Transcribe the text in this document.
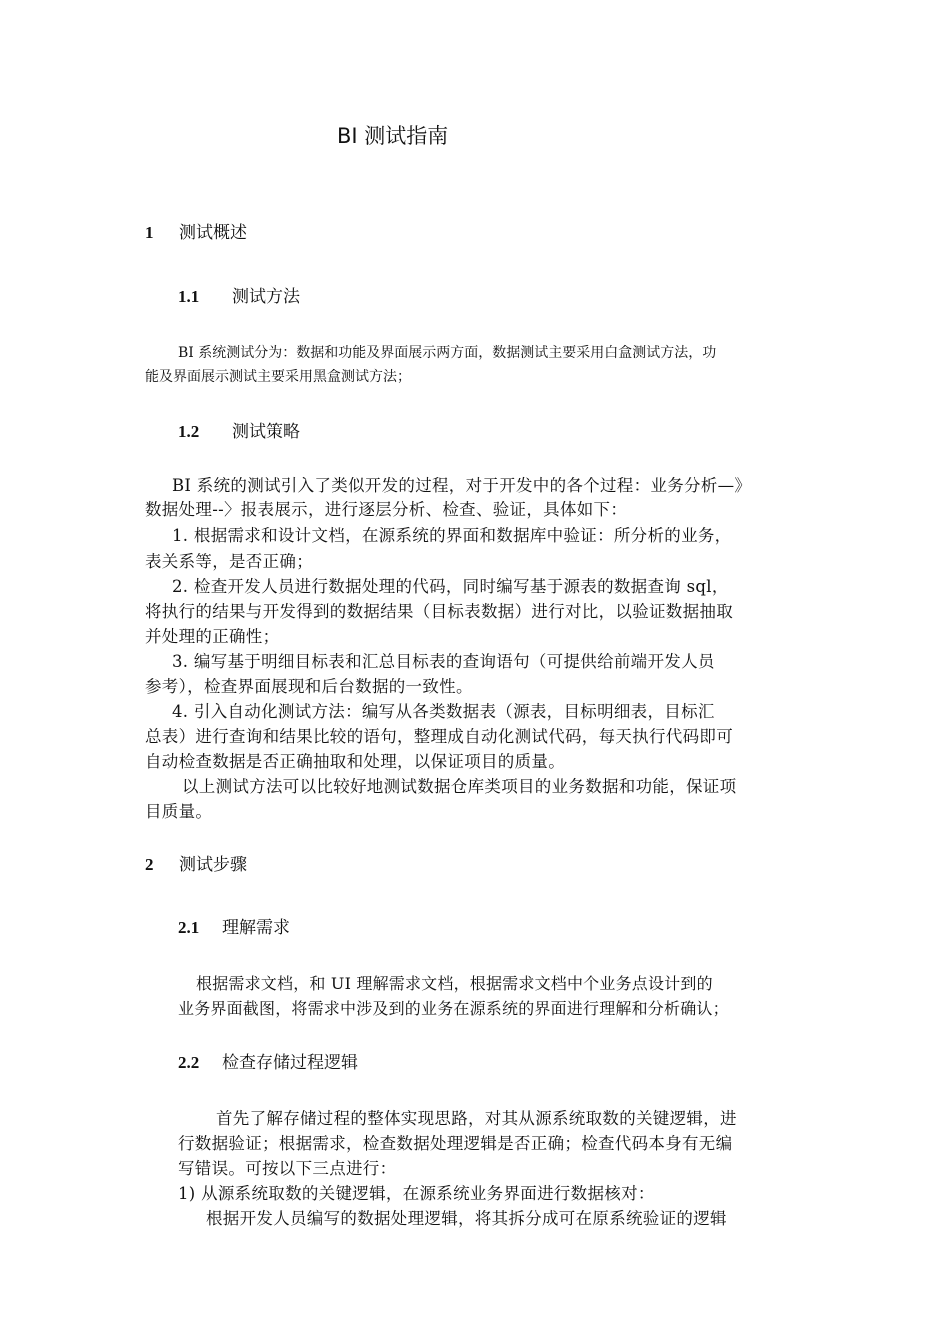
BI 测试指南
1 测试概述
1.1 测试方法
BI 系统测试分为：数据和功能及界面展示两方面，数据测试主要采用白盒测试方法，功
能及界面展示测试主要采用黑盒测试方法；
1.2 测试策略
BI 系统的测试引入了类似开发的过程，对于开发中的各个过程：业务分析—》
数据处理--〉报表展示，进行逐层分析、检查、验证，具体如下：
1. 根据需求和设计文档，在源系统的界面和数据库中验证：所分析的业务，
表关系等，是否正确；
2. 检查开发人员进行数据处理的代码，同时编写基于源表的数据查询 sql，
将执行的结果与开发得到的数据结果（目标表数据）进行对比，以验证数据抽取
并处理的正确性；
3. 编写基于明细目标表和汇总目标表的查询语句（可提供给前端开发人员
参考），检查界面展现和后台数据的一致性。
4. 引入自动化测试方法：编写从各类数据表（源表，目标明细表，目标汇
总表）进行查询和结果比较的语句，整理成自动化测试代码，每天执行代码即可
自动检查数据是否正确抽取和处理，以保证项目的质量。
以上测试方法可以比较好地测试数据仓库类项目的业务数据和功能，保证项
目质量。
2 测试步骤
2.1 理解需求
根据需求文档，和 UI 理解需求文档，根据需求文档中个业务点设计到的
业务界面截图，将需求中涉及到的业务在源系统的界面进行理解和分析确认；
2.2 检查存储过程逻辑
首先了解存储过程的整体实现思路，对其从源系统取数的关键逻辑，进
行数据验证；根据需求，检查数据处理逻辑是否正确；检查代码本身有无编
写错误。可按以下三点进行：
1) 从源系统取数的关键逻辑，在源系统业务界面进行数据核对：
根据开发人员编写的数据处理逻辑，将其拆分成可在原系统验证的逻辑
